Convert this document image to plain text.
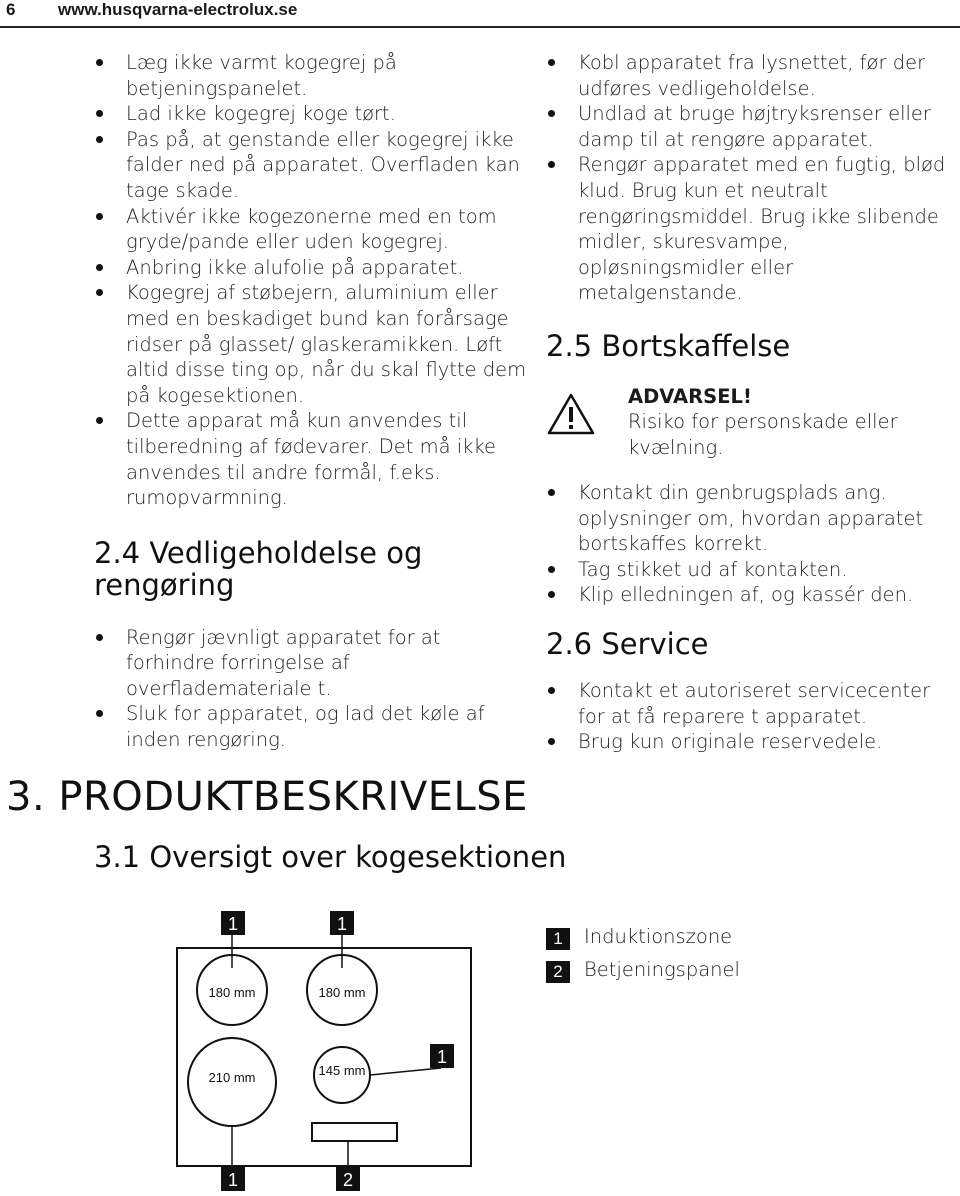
6	www.husqvarna-electrolux.se
Læg ikke varmt kogegrej på betjeningspanelet.
Lad ikke kogegrej koge tørt.
Pas på, at genstande eller kogegrej ikke falder ned på apparatet. Overfladen kan tage skade.
Aktivér ikke kogezonerne med en tom gryde/pande eller uden kogegrej.
Anbring ikke alufolie på apparatet.
Kogegrej af støbejern, aluminium eller med en beskadiget bund kan forårsage ridser på glasset/ glaskeramikken. Løft altid disse ting op, når du skal flytte dem på kogesektionen.
Dette apparat må kun anvendes til tilberedning af fødevarer. Det må ikke anvendes til andre formål, f.eks. rumopvarmning.
2.4 Vedligeholdelse og rengøring
Rengør jævnligt apparatet for at forhindre forringelse af overflademateriale t.
Sluk for apparatet, og lad det køle af inden rengøring.
Kobl apparatet fra lysnettet, før der udføres vedligeholdelse.
Undlad at bruge højtryksrenser eller damp til at rengøre apparatet.
Rengør apparatet med en fugtig, blød klud. Brug kun et neutralt rengøringsmiddel. Brug ikke slibende midler, skuresvampe, opløsningsmidler eller metalgenstande.
2.5 Bortskaffelse
ADVARSEL!
Risiko for personskade eller kvælning.
Kontakt din genbrugsplads ang. oplysninger om, hvordan apparatet bortskaffes korrekt.
Tag stikket ud af kontakten.
Klip elledningen af, og kassér den.
2.6 Service
Kontakt et autoriseret servicecenter for at få reparere t apparatet.
Brug kun originale reservedele.
3. PRODUKTBESKRIVELSE
3.1 Oversigt over kogesektionen
1	1
1
1	2
180 mm	180 mm
210 mm	145 mm
1	Induktionszone
2	Betjeningspanel
